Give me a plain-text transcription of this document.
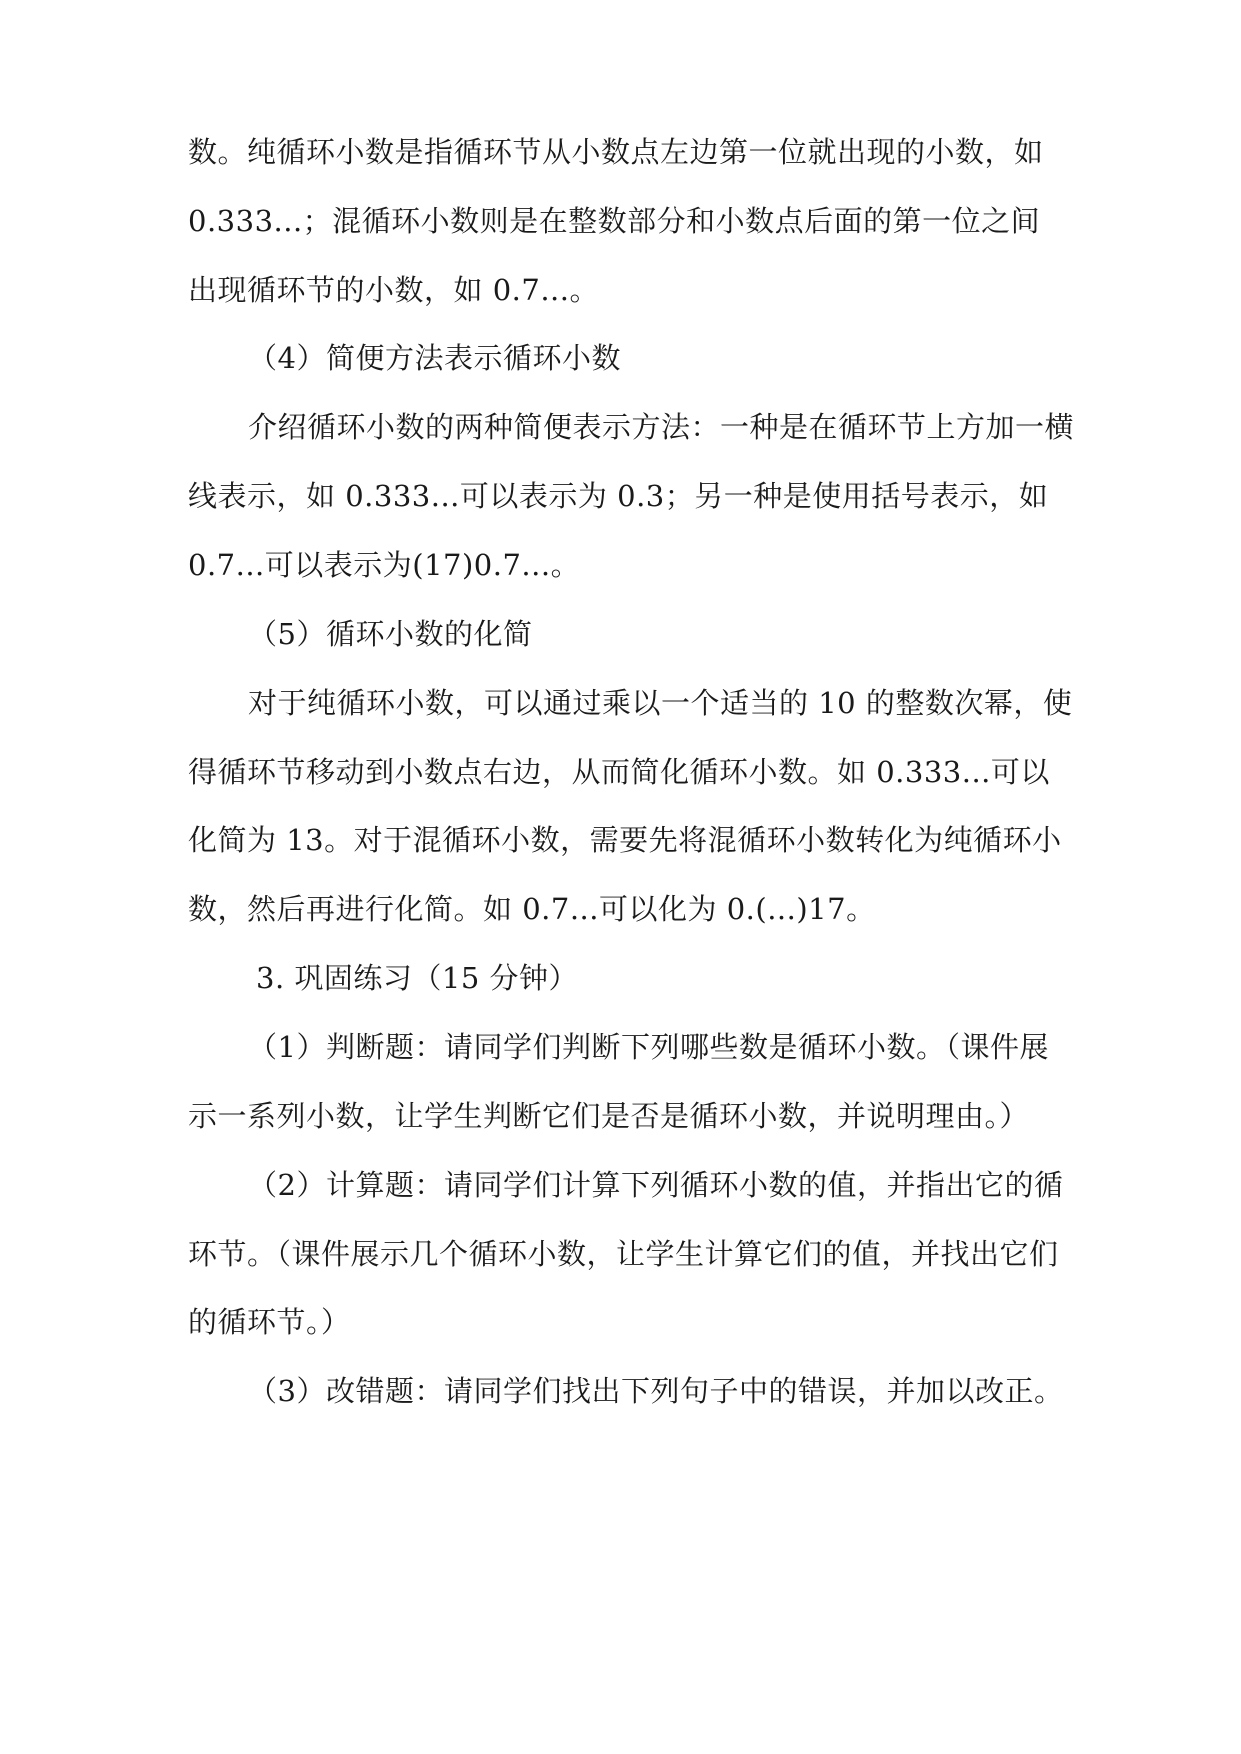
数。纯循环小数是指循环节从小数点左边第一位就出现的小数，如
0.333...；混循环小数则是在整数部分和小数点后面的第一位之间
出现循环节的小数，如 0.7...。
（4）简便方法表示循环小数
介绍循环小数的两种简便表示方法：一种是在循环节上方加一横
线表示，如 0.333...可以表示为 0.3；另一种是使用括号表示，如
0.7...可以表示为(17)0.7...。
（5）循环小数的化简
对于纯循环小数，可以通过乘以一个适当的 10 的整数次幂，使
得循环节移动到小数点右边，从而简化循环小数。如 0.333...可以
化简为 13。对于混循环小数，需要先将混循环小数转化为纯循环小
数，然后再进行化简。如 0.7...可以化为 0.(...)17。
3. 巩固练习（15 分钟）
（1）判断题：请同学们判断下列哪些数是循环小数。（课件展
示一系列小数，让学生判断它们是否是循环小数，并说明理由。）
（2）计算题：请同学们计算下列循环小数的值，并指出它的循
环节。（课件展示几个循环小数，让学生计算它们的值，并找出它们
的循环节。）
（3）改错题：请同学们找出下列句子中的错误，并加以改正。
